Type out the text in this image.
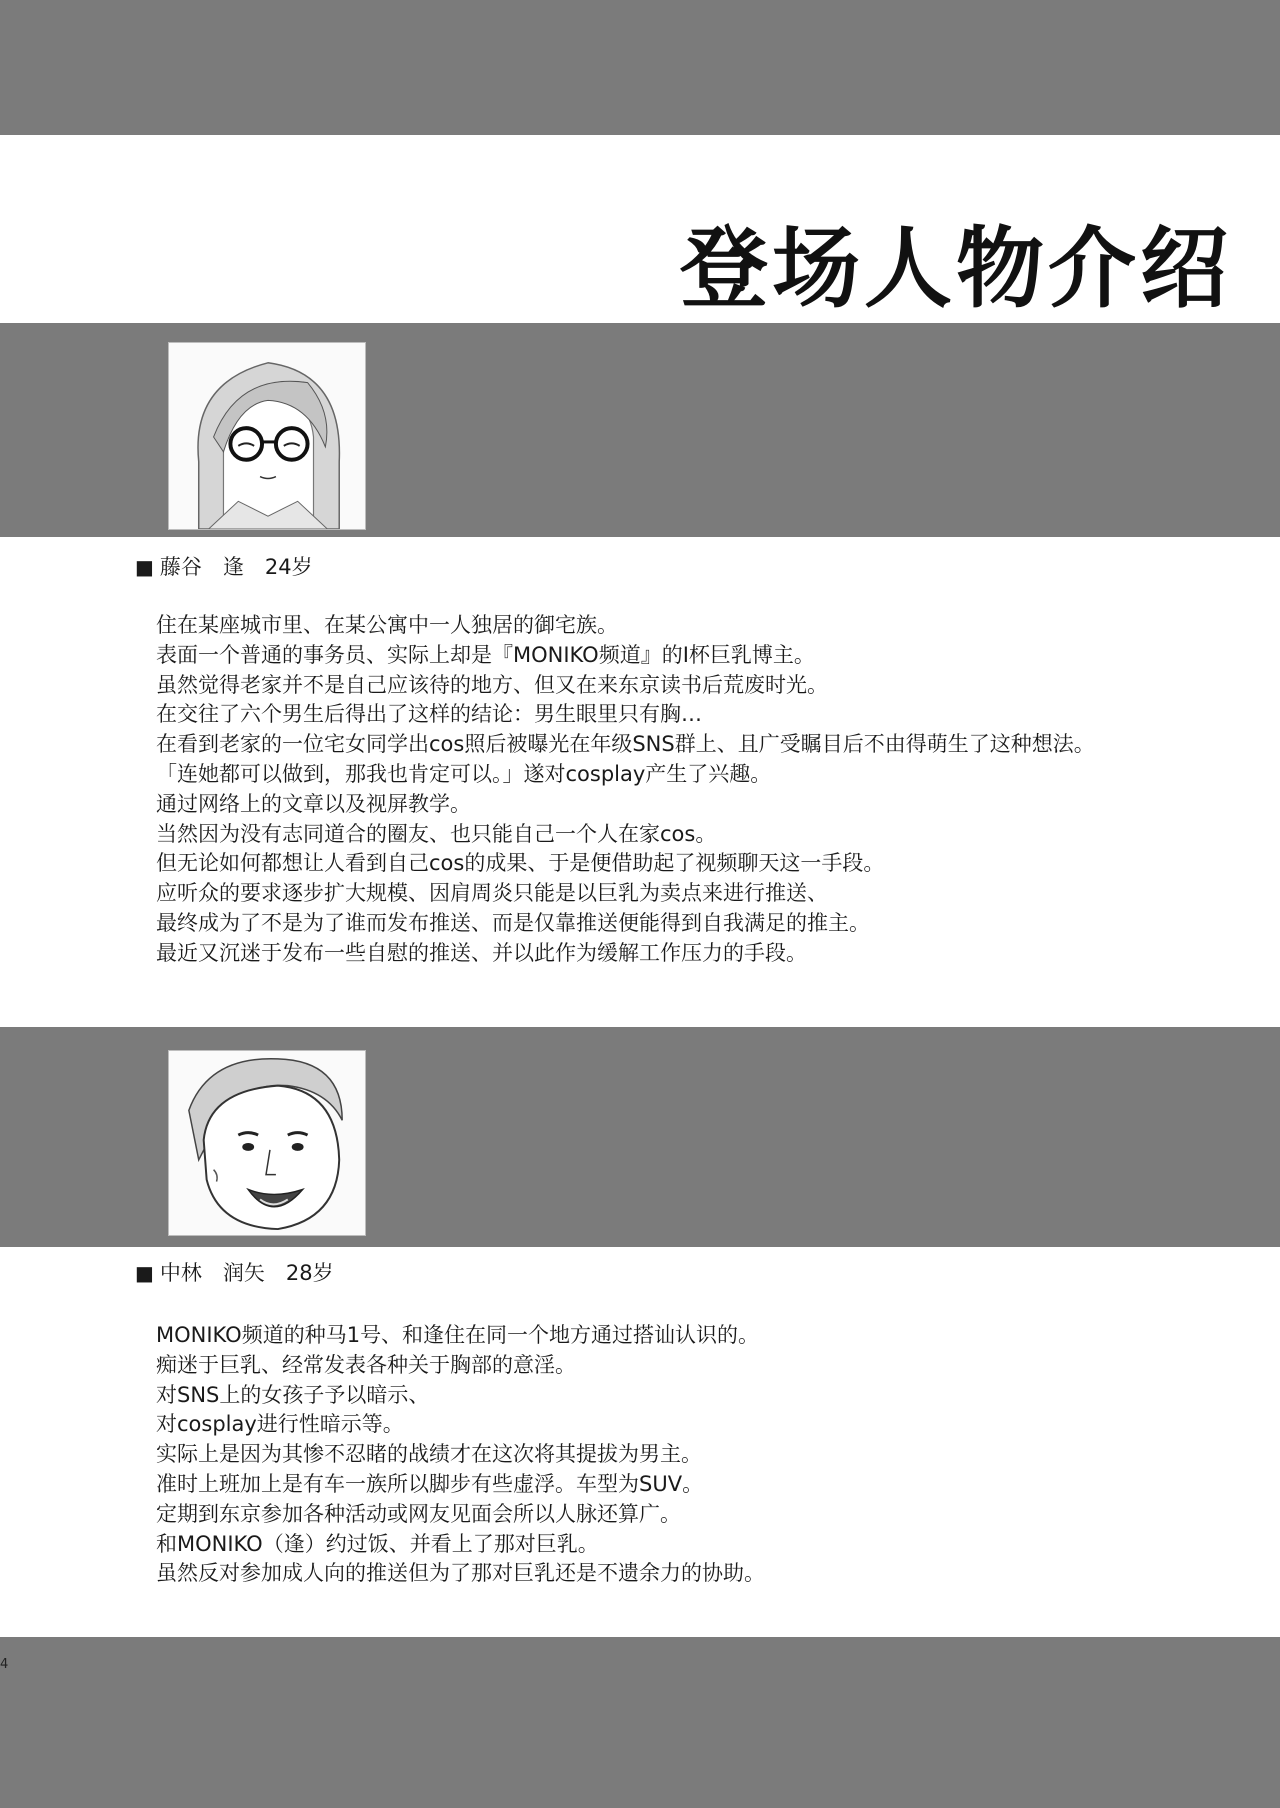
登场人物介绍
■ 藤谷　逢　 24岁
住在某座城市里、在某公寓中一人独居的御宅族。
表面一个普通的事务员、实际上却是『MONIKO频道』的I杯巨乳博主。
虽然觉得老家并不是自己应该待的地方、但又在来东京读书后荒废时光。
在交往了六个男生后得出了这样的结论：男生眼里只有胸…
在看到老家的一位宅女同学出cos照后被曝光在年级SNS群上、且广受瞩目后不由得萌生了这种想法。
「连她都可以做到，那我也肯定可以。」遂对cosplay产生了兴趣。
通过网络上的文章以及视屏教学。
当然因为没有志同道合的圈友、也只能自己一个人在家cos。
但无论如何都想让人看到自己cos的成果、于是便借助起了视频聊天这一手段。
应听众的要求逐步扩大规模、因肩周炎只能是以巨乳为卖点来进行推送、
最终成为了不是为了谁而发布推送、而是仅靠推送便能得到自我满足的推主。
最近又沉迷于发布一些自慰的推送、并以此作为缓解工作压力的手段。
■ 中林　润矢　 28岁
MONIKO频道的种马1号、和逢住在同一个地方通过搭讪认识的。
痴迷于巨乳、经常发表各种关于胸部的意淫。
对SNS上的女孩子予以暗示、
对cosplay进行性暗示等。
实际上是因为其惨不忍睹的战绩才在这次将其提拔为男主。
准时上班加上是有车一族所以脚步有些虚浮。车型为SUV。
定期到东京参加各种活动或网友见面会所以人脉还算广。
和MONIKO（逢）约过饭、并看上了那对巨乳。
虽然反对参加成人向的推送但为了那对巨乳还是不遗余力的协助。
4
